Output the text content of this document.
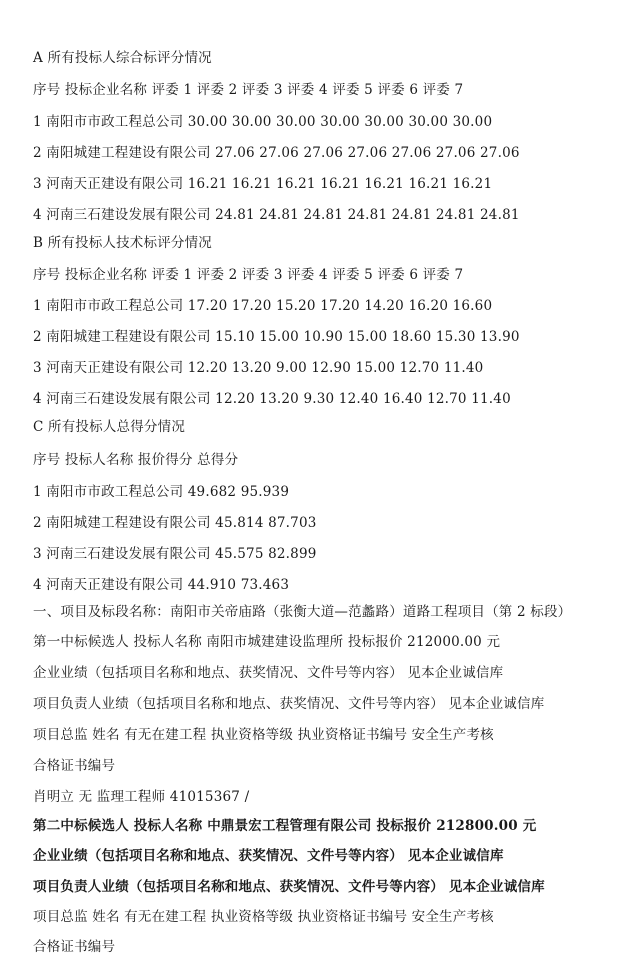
A 所有投标人综合标评分情况
序号 投标企业名称 评委 1 评委 2 评委 3 评委 4 评委 5 评委 6 评委 7
1 南阳市市政工程总公司 30.00 30.00 30.00 30.00 30.00 30.00 30.00
2 南阳城建工程建设有限公司 27.06 27.06 27.06 27.06 27.06 27.06 27.06
3 河南天正建设有限公司 16.21 16.21 16.21 16.21 16.21 16.21 16.21
4 河南三石建设发展有限公司 24.81 24.81 24.81 24.81 24.81 24.81 24.81
B 所有投标人技术标评分情况
序号 投标企业名称 评委 1 评委 2 评委 3 评委 4 评委 5 评委 6 评委 7
1 南阳市市政工程总公司 17.20 17.20 15.20 17.20 14.20 16.20 16.60
2 南阳城建工程建设有限公司 15.10 15.00 10.90 15.00 18.60 15.30 13.90
3 河南天正建设有限公司 12.20 13.20 9.00 12.90 15.00 12.70 11.40
4 河南三石建设发展有限公司 12.20 13.20 9.30 12.40 16.40 12.70 11.40
C 所有投标人总得分情况
序号 投标人名称 报价得分 总得分
1 南阳市市政工程总公司 49.682 95.939
2 南阳城建工程建设有限公司 45.814 87.703
3 河南三石建设发展有限公司 45.575 82.899
4 河南天正建设有限公司 44.910 73.463
一、项目及标段名称：南阳市关帝庙路（张衡大道—范蠡路）道路工程项目（第 2 标段）
第一中标候选人 投标人名称 南阳市城建建设监理所 投标报价 212000.00 元
企业业绩（包括项目名称和地点、获奖情况、文件号等内容） 见本企业诚信库
项目负责人业绩（包括项目名称和地点、获奖情况、文件号等内容） 见本企业诚信库
项目总监 姓名 有无在建工程 执业资格等级 执业资格证书编号 安全生产考核
合格证书编号
肖明立 无 监理工程师 41015367 /
第二中标候选人 投标人名称 中鼎景宏工程管理有限公司 投标报价 212800.00 元
企业业绩（包括项目名称和地点、获奖情况、文件号等内容） 见本企业诚信库
项目负责人业绩（包括项目名称和地点、获奖情况、文件号等内容） 见本企业诚信库
项目总监 姓名 有无在建工程 执业资格等级 执业资格证书编号 安全生产考核
合格证书编号
